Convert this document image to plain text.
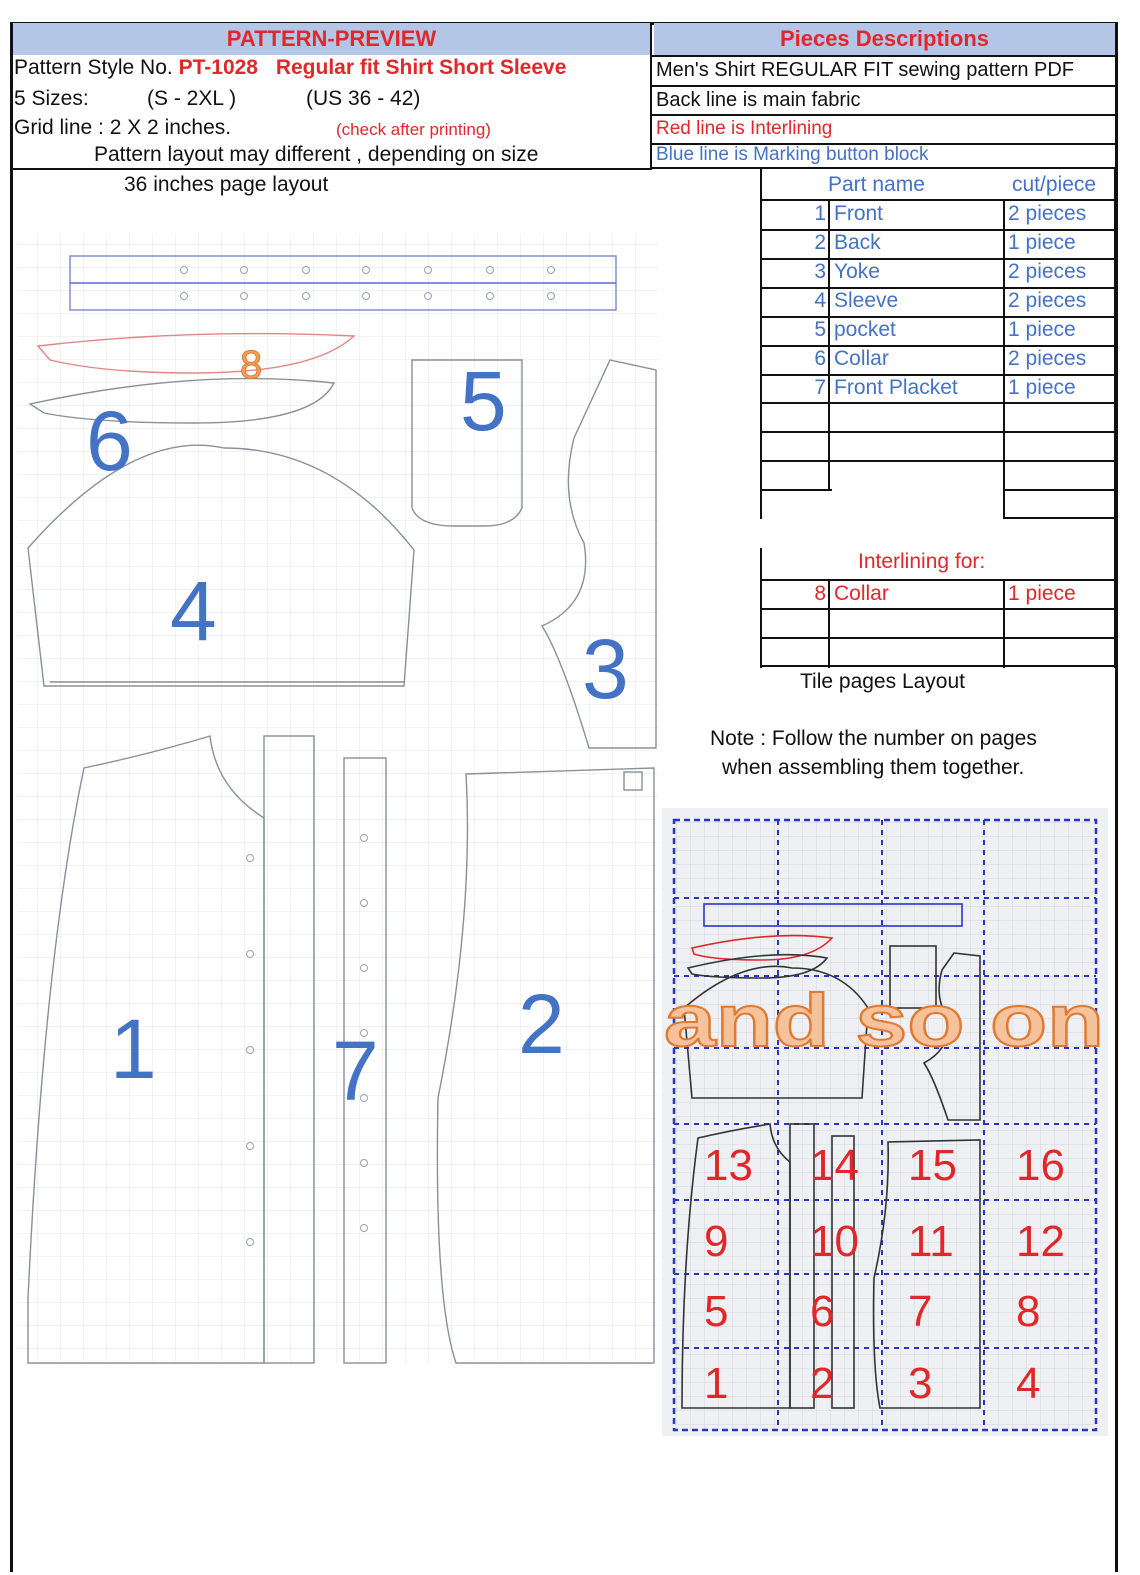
PATTERN-PREVIEW	Pieces Descriptions
Pattern Style No. PT-1028 Regular fit Shirt Short Sleeve
5 Sizes:	(S - 2XL )	(US 36 - 42)
Grid line : 2 X 2 inches.	(check after printing)
Pattern layout may different , depending on size
36 inches page layout
Men's Shirt REGULAR FIT sewing pattern PDF
Back line is main fabric
Red line is Interlining
Blue line is Marking button block
Part name	cut/piece
1 Front	2 pieces
2 Back	1 piece
3 Yoke	2 pieces
4 Sleeve	2 pieces
5 pocket	1 piece
6 Collar	2 pieces
7 Front Placket 1 piece
Interlining for:
8 Collar	1 piece
Tile pages Layout
Note : Follow the number on pages
when assembling them together.
1	2
3
4
5
6
7
8
and so on
13 14 15 16
9 10 11 12
5 6 7 8
1 2 3 4
